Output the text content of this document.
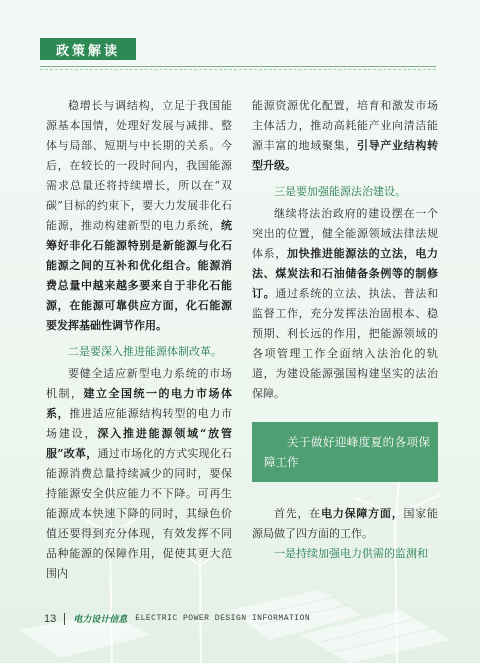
政策解读

稳增长与调结构，立足于我国能源基本国情，处理好发展与减排、整体与局部、短期与中长期的关系。今后，在较长的一段时间内，我国能源需求总量还将持续增长，所以在“双碳”目标的约束下，要大力发展非化石能源，推动构建新型的电力系统，统筹好非化石能源特别是新能源与化石能源之间的互补和优化组合。能源消费总量中越来越多要来自于非化石能源，在能源可靠供应方面，化石能源要发挥基础性调节作用。

二是要深入推进能源体制改革。

要健全适应新型电力系统的市场机制，建立全国统一的电力市场体系，推进适应能源结构转型的电力市场建设，深入推进能源领域“放管服”改革，通过市场化的方式实现化石能源消费总量持续减少的同时，要保持能源安全供应能力不下降。可再生能源成本快速下降的同时，其绿色价值还要得到充分体现，有效发挥不同品种能源的保障作用，促使其更大范围内

能源资源优化配置，培育和激发市场主体活力，推动高耗能产业向清洁能源丰富的地域聚集，引导产业结构转型升级。

三是要加强能源法治建设。

继续将法治政府的建设摆在一个突出的位置，健全能源领域法律法规体系，加快推进能源法的立法，电力法、煤炭法和石油储备条例等的制修订。通过系统的立法、执法、普法和监督工作，充分发挥法治固根本、稳预期、利长远的作用，把能源领域的各项管理工作全面纳入法治化的轨道，为建设能源强国构建坚实的法治保障。

关于做好迎峰度夏的各项保障工作

首先，在电力保障方面，国家能源局做了四方面的工作。

一是持续加强电力供需的监测和

13 电力设计信息 ELECTRIC POWER DESIGN INFORMATION
